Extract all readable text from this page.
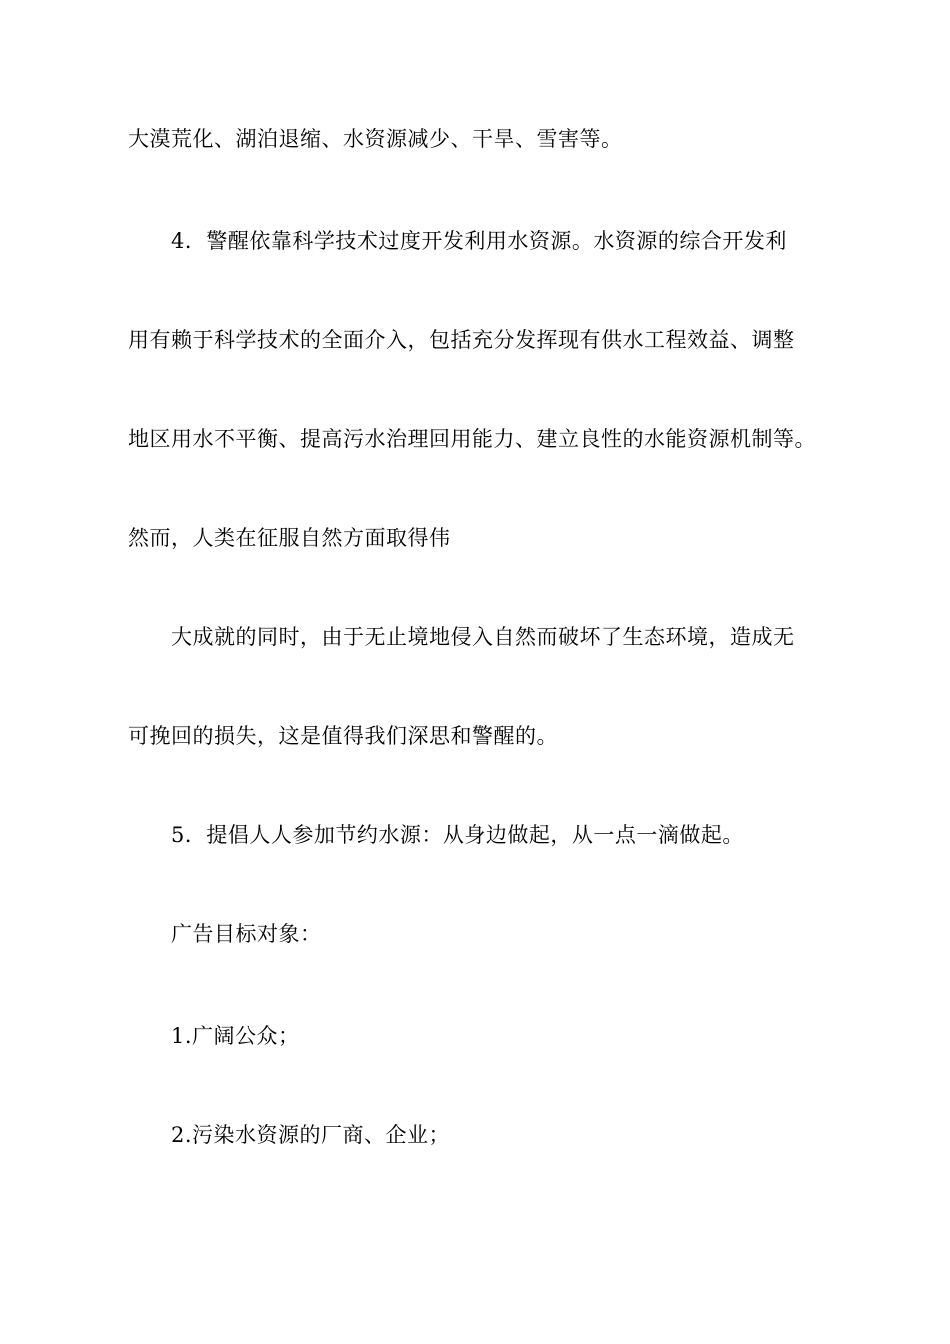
大漠荒化、湖泊退缩、水资源减少、干旱、雪害等。
4．警醒依靠科学技术过度开发利用水资源。水资源的综合开发利
用有赖于科学技术的全面介入，包括充分发挥现有供水工程效益、调整
地区用水不平衡、提高污水治理回用能力、建立良性的水能资源机制等。
然而，人类在征服自然方面取得伟
大成就的同时，由于无止境地侵入自然而破坏了生态环境，造成无
可挽回的损失，这是值得我们深思和警醒的。
5．提倡人人参加节约水源：从身边做起，从一点一滴做起。
广告目标对象：
1.广阔公众；
2.污染水资源的厂商、企业；
